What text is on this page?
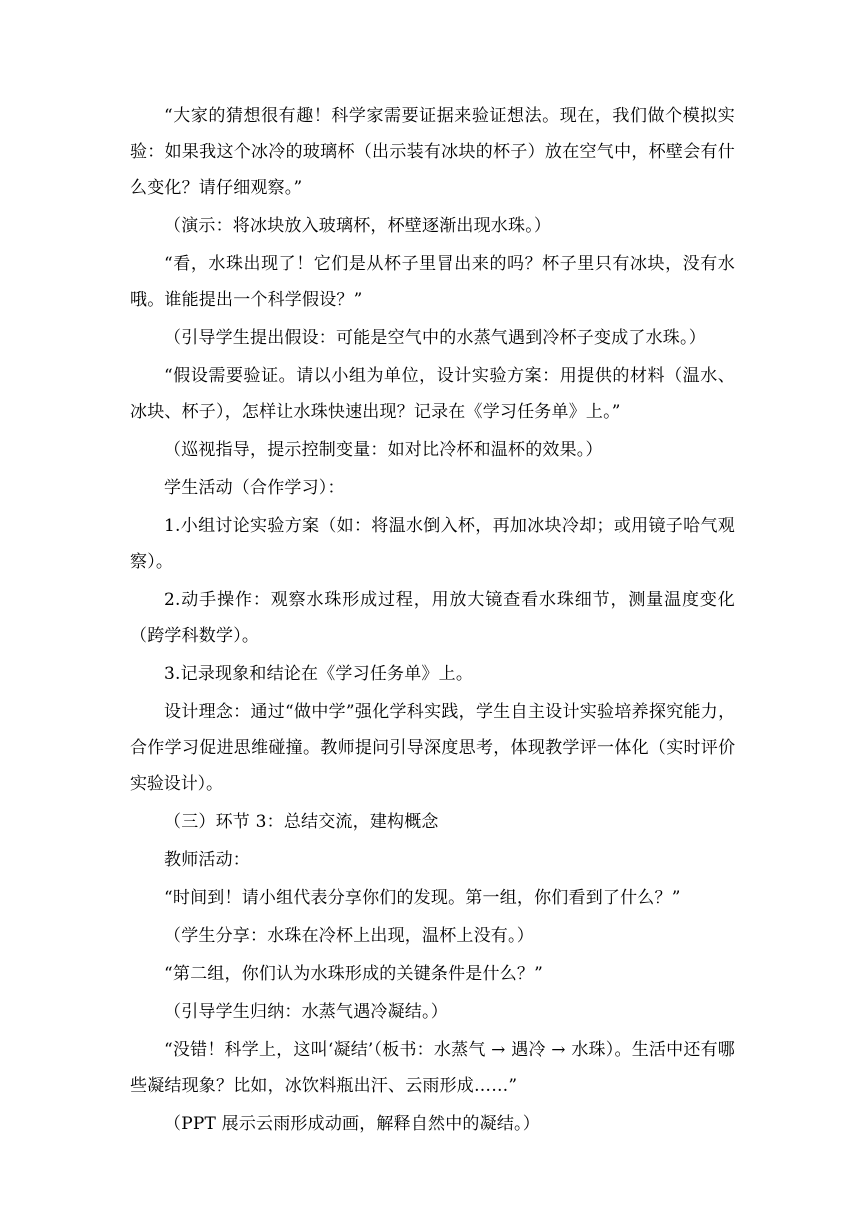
“大家的猜想很有趣！科学家需要证据来验证想法。现在，我们做个模拟实验：如果我这个冰冷的玻璃杯（出示装有冰块的杯子）放在空气中，杯壁会有什么变化？请仔细观察。”

（演示：将冰块放入玻璃杯，杯壁逐渐出现水珠。）

“看，水珠出现了！它们是从杯子里冒出来的吗？杯子里只有冰块，没有水哦。谁能提出一个科学假设？”

（引导学生提出假设：可能是空气中的水蒸气遇到冷杯子变成了水珠。）

“假设需要验证。请以小组为单位，设计实验方案：用提供的材料（温水、冰块、杯子），怎样让水珠快速出现？记录在《学习任务单》上。”

（巡视指导，提示控制变量：如对比冷杯和温杯的效果。）

学生活动（合作学习）：

1.小组讨论实验方案（如：将温水倒入杯，再加冰块冷却；或用镜子哈气观察）。

2.动手操作：观察水珠形成过程，用放大镜查看水珠细节，测量温度变化（跨学科数学）。

3.记录现象和结论在《学习任务单》上。

设计理念：通过“做中学”强化学科实践，学生自主设计实验培养探究能力，合作学习促进思维碰撞。教师提问引导深度思考，体现教学评一体化（实时评价实验设计）。

（三）环节 3：总结交流，建构概念

教师活动：

“时间到！请小组代表分享你们的发现。第一组，你们看到了什么？”

（学生分享：水珠在冷杯上出现，温杯上没有。）

“第二组，你们认为水珠形成的关键条件是什么？”

（引导学生归纳：水蒸气遇冷凝结。）

“没错！科学上，这叫‘凝结’（板书：水蒸气 → 遇冷 → 水珠）。生活中还有哪些凝结现象？比如，冰饮料瓶出汗、云雨形成……”

（PPT 展示云雨形成动画，解释自然中的凝结。）
